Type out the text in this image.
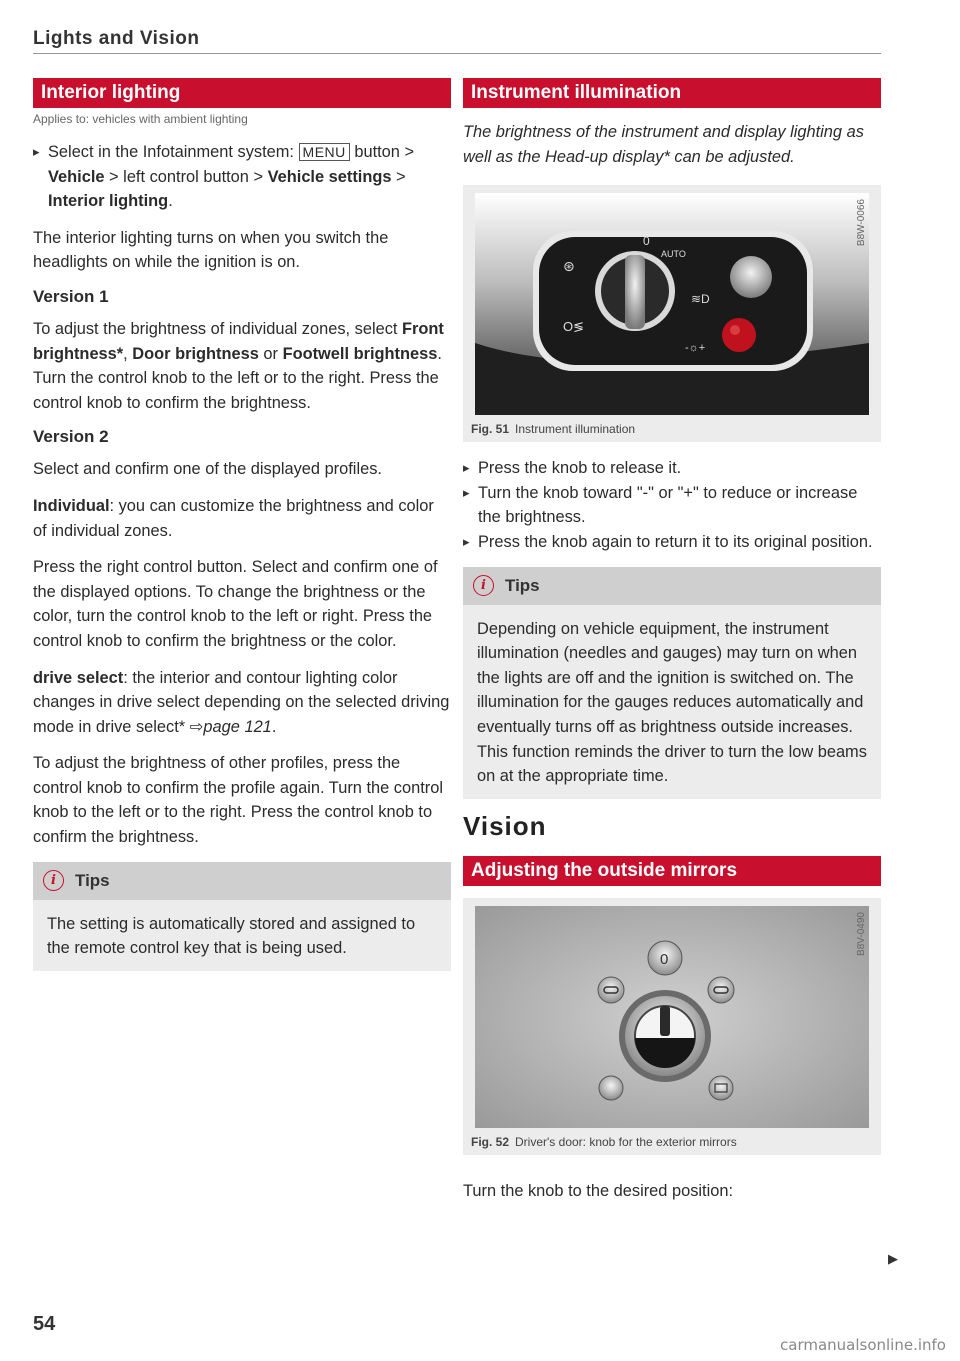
Lights and Vision
Interior lighting
Applies to: vehicles with ambient lighting

▸ Select in the Infotainment system: MENU button > Vehicle > left control button > Vehicle settings > Interior lighting.

The interior lighting turns on when you switch the headlights on while the ignition is on.

Version 1

To adjust the brightness of individual zones, select Front brightness*, Door brightness or Footwell brightness. Turn the control knob to the left or to the right. Press the control knob to confirm the brightness.

Version 2

Select and confirm one of the displayed profiles.

Individual: you can customize the brightness and color of individual zones.

Press the right control button. Select and confirm one of the displayed options. To change the brightness or the color, turn the control knob to the left or right. Press the control knob to confirm the brightness or the color.

drive select: the interior and contour lighting color changes in drive select depending on the selected driving mode in drive select* ⇨page 121.

To adjust the brightness of other profiles, press the control knob to confirm the profile again. Turn the control knob to the left or to the right. Press the control knob to confirm the brightness.

i	Tips

The setting is automatically stored and assigned to the remote control key that is being used.

Instrument illumination

The brightness of the instrument and display lighting as well as the Head-up display* can be adjusted.

0
AUTO
-☼+
⊛
O≶
≋D
B8W-0066
Fig. 51 Instrument illumination

▸ Press the knob to release it.

▸ Turn the knob toward "-" or "+" to reduce or increase the brightness.

▸ Press the knob again to return it to its original position.

i	Tips

Depending on vehicle equipment, the instrument illumination (needles and gauges) may turn on when the lights are off and the ignition is switched on. The illumination for the gauges reduces automatically and eventually turns off as brightness outside increases. This function reminds the driver to turn the low beams on at the appropriate time.

Vision
Adjusting the outside mirrors
0
B8V-0490
Fig. 52 Driver's door: knob for the exterior mirrors

Turn the knob to the desired position:

▶
54
carmanualsonline.info
